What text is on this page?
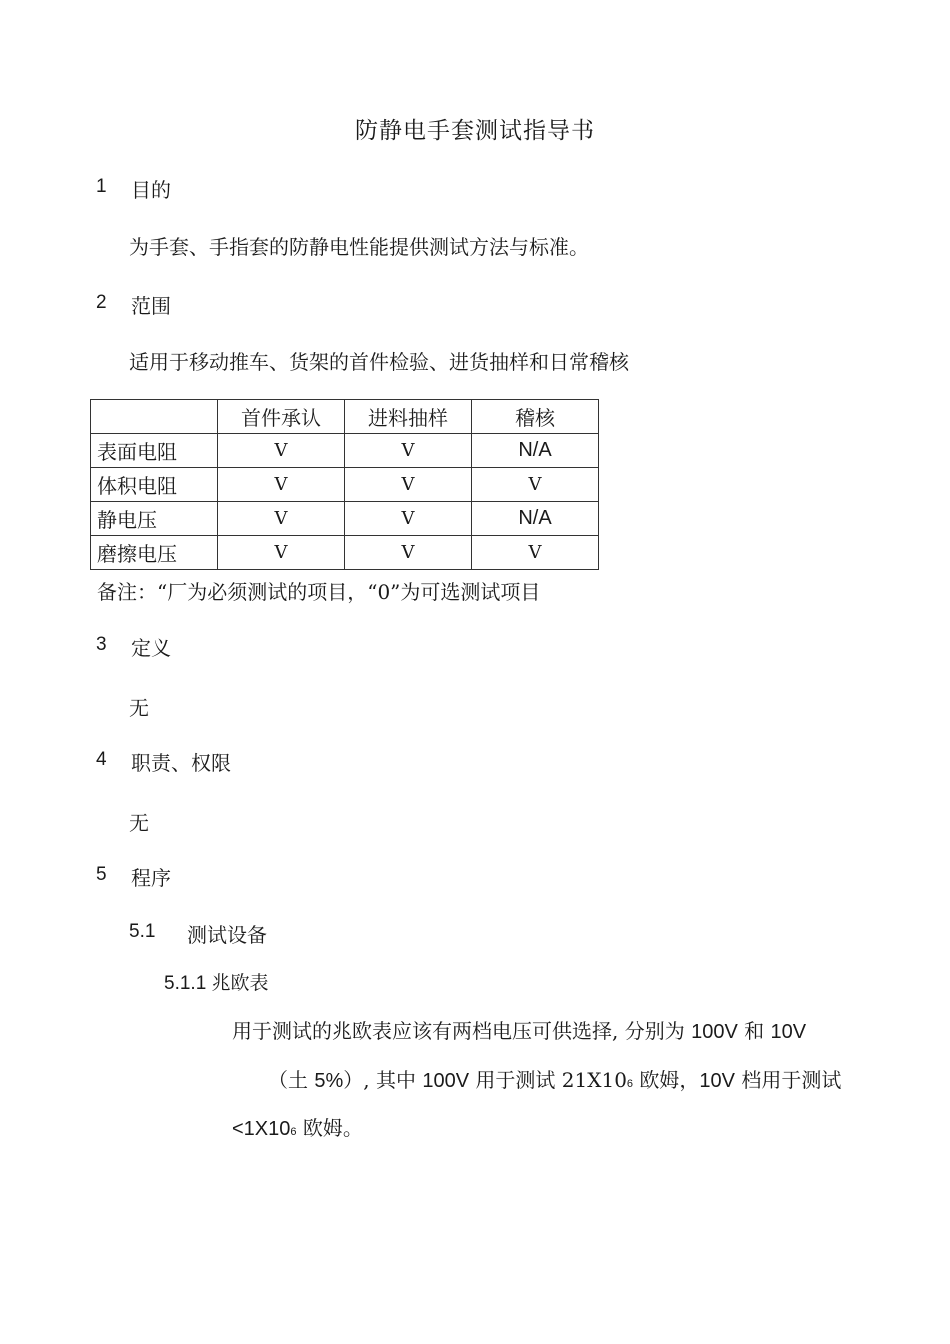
防静电手套测试指导书
1 目的
为手套、手指套的防静电性能提供测试方法与标准。
2 范围
适用于移动推车、货架的首件检验、进货抽样和日常稽核
	首件承认	进料抽样	稽核
表面电阻	V	V	N/A
体积电阻	V	V	V
静电压	V	V	N/A
磨擦电压	V	V	V
备注：“厂为必须测试的项目，“0”为可选测试项目
3 定义
无
4 职责、权限
无
5 程序
5.1 测试设备
5.1.1 兆欧表
用于测试的兆欧表应该有两档电压可供选择, 分别为 100V 和 10V
（土 5%）, 其中 100V 用于测试 21X106 欧姆，10V 档用于测试
<1X106 欧姆。
